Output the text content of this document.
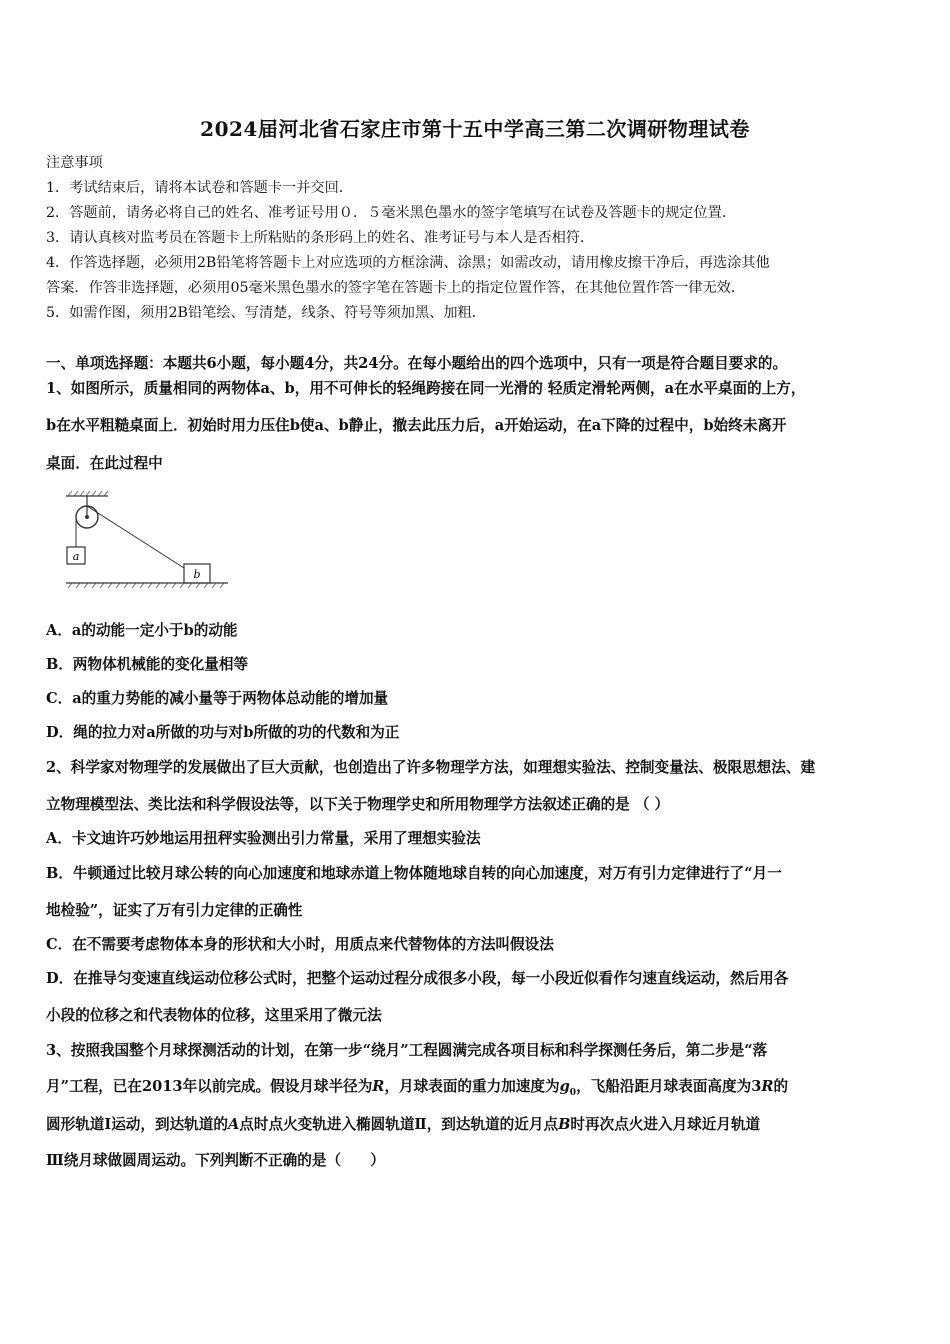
2024届河北省石家庄市第十五中学高三第二次调研物理试卷
注意事项
1．考试结束后，请将本试卷和答题卡一并交回．
2．答题前，请务必将自己的姓名、准考证号用０．５毫米黑色墨水的签字笔填写在试卷及答题卡的规定位置．
3．请认真核对监考员在答题卡上所粘贴的条形码上的姓名、准考证号与本人是否相符．
4．作答选择题，必须用2B铅笔将答题卡上对应选项的方框涂满、涂黑；如需改动，请用橡皮擦干净后，再选涂其他
答案．作答非选择题，必须用05毫米黑色墨水的签字笔在答题卡上的指定位置作答，在其他位置作答一律无效．
5．如需作图，须用2B铅笔绘、写清楚，线条、符号等须加黑、加粗．
一、单项选择题：本题共6小题，每小题4分，共24分。在每小题给出的四个选项中，只有一项是符合题目要求的。
1、如图所示，质量相同的两物体a、b，用不可伸长的轻绳跨接在同一光滑的 轻质定滑轮两侧，a在水平桌面的上方，
b在水平粗糙桌面上．初始时用力压住b使a、b静止，撤去此压力后，a开始运动，在a下降的过程中，b始终未离开
桌面．在此过程中
a
b
A．a的动能一定小于b的动能
B．两物体机械能的变化量相等
C．a的重力势能的减小量等于两物体总动能的增加量
D．绳的拉力对a所做的功与对b所做的功的代数和为正
2、科学家对物理学的发展做出了巨大贡献，也创造出了许多物理学方法，如理想实验法、控制变量法、极限思想法、建
立物理模型法、类比法和科学假设法等，以下关于物理学史和所用物理学方法叙述正确的是 （ ）
A．卡文迪许巧妙地运用扭秤实验测出引力常量，采用了理想实验法
B．牛顿通过比较月球公转的向心加速度和地球赤道上物体随地球自转的向心加速度，对万有引力定律进行了“月一
地检验”，证实了万有引力定律的正确性
C．在不需要考虑物体本身的形状和大小时，用质点来代替物体的方法叫假设法
D．在推导匀变速直线运动位移公式时，把整个运动过程分成很多小段，每一小段近似看作匀速直线运动，然后用各
小段的位移之和代表物体的位移，这里采用了微元法
3、按照我国整个月球探测活动的计划，在第一步“绕月”工程圆满完成各项目标和科学探测任务后，第二步是“落
月”工程，已在2013年以前完成。假设月球半径为R，月球表面的重力加速度为$g_0$，飞船沿距月球表面高度为3R的
圆形轨道Ⅰ运动，到达轨道的A点时点火变轨进入椭圆轨道Ⅱ，到达轨道的近月点B时再次点火进入月球近月轨道
Ⅲ绕月球做圆周运动。下列判断不正确的是（　　）
